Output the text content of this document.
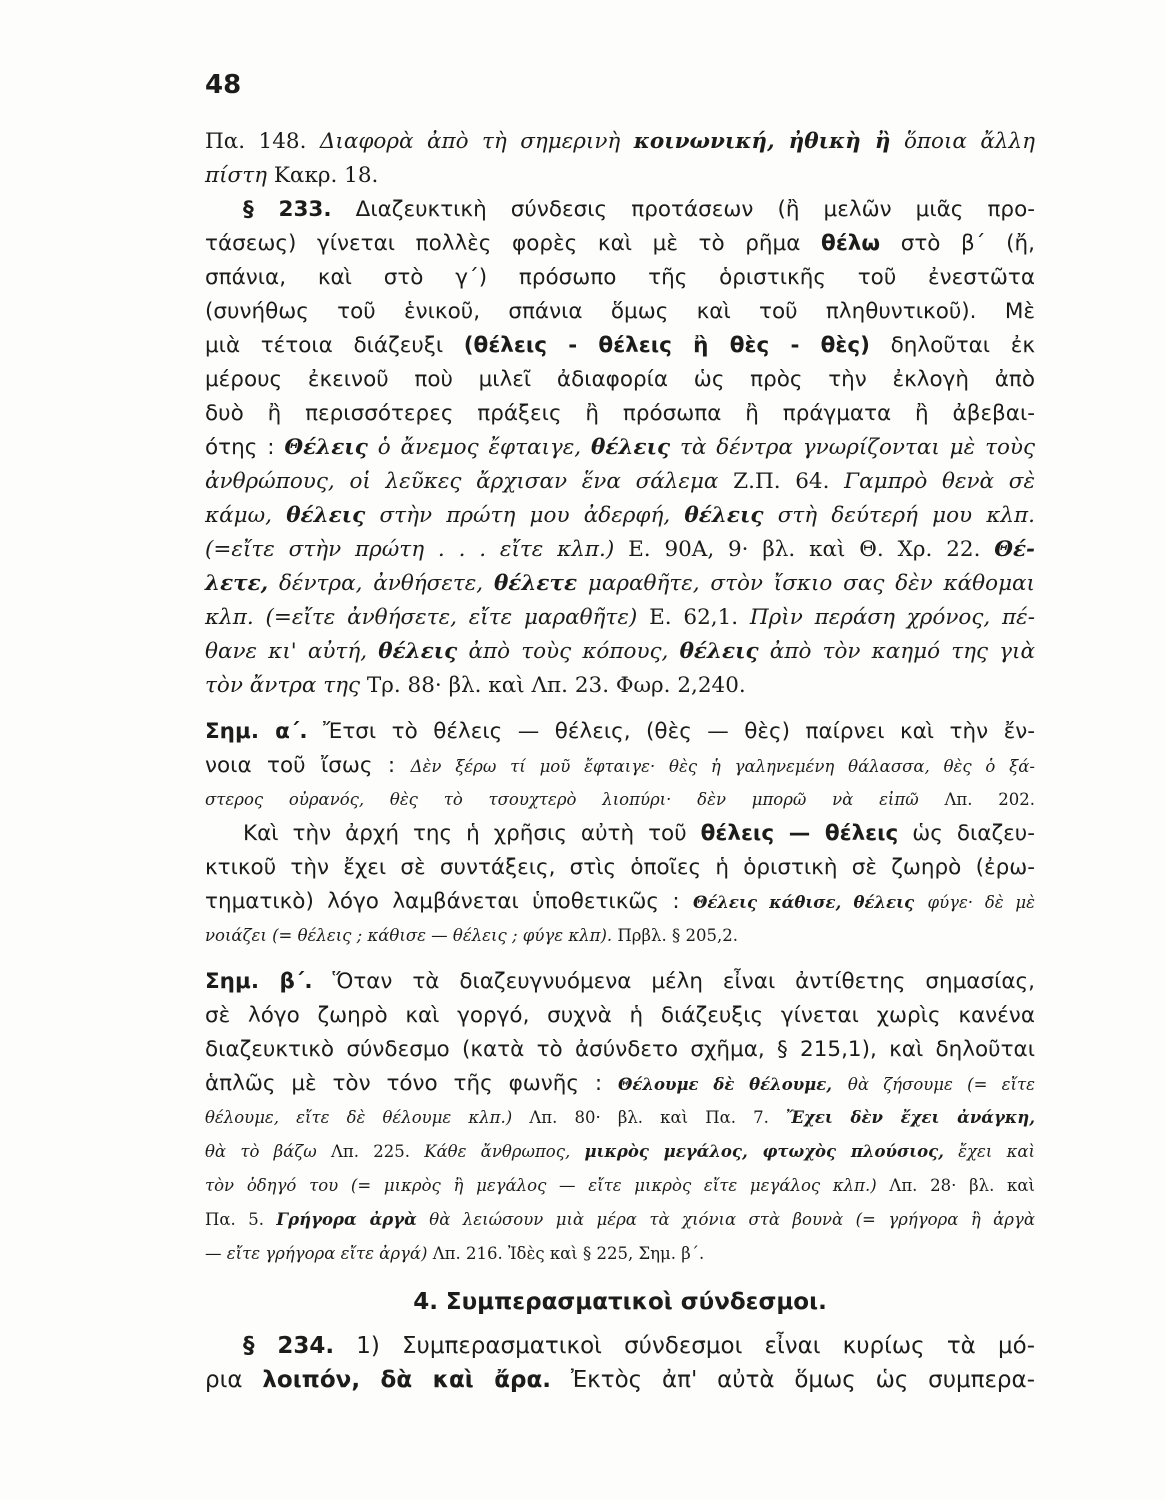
48
Πα. 148. Διαφορὰ ἀπὸ τὴ σημερινὴ κοινωνική, ἠθικὴ ἢ ὅποια ἄλλη
πίστη Κακρ. 18.
§ 233. Διαζευκτικὴ σύνδεσις προτάσεων (ἢ μελῶν μιᾶς προ-
τάσεως) γίνεται πολλὲς φορὲς καὶ μὲ τὸ ρῆμα θέλω στὸ β΄ (ἤ,
σπάνια, καὶ στὸ γ΄) πρόσωπο τῆς ὁριστικῆς τοῦ ἐνεστῶτα
(συνήθως τοῦ ἑνικοῦ, σπάνια ὅμως καὶ τοῦ πληθυντικοῦ). Μὲ
μιὰ τέτοια διάζευξι (θέλεις - θέλεις ἢ θὲς - θὲς) δηλοῦται ἐκ
μέρους ἐκεινοῦ ποὺ μιλεῖ ἀδιαφορία ὡς πρὸς τὴν ἐκλογὴ ἀπὸ
δυὸ ἢ περισσότερες πράξεις ἢ πρόσωπα ἢ πράγματα ἢ ἀβεβαι-
ότης : Θέλεις ὁ ἄνεμος ἔφταιγε, θέλεις τὰ δέντρα γνωρίζονται μὲ τοὺς
ἀνθρώπους, οἱ λεῦκες ἄρχισαν ἕνα σάλεμα Ζ.Π. 64. Γαμπρὸ θενὰ σὲ
κάμω, θέλεις στὴν πρώτη μου ἀδερφή, θέλεις στὴ δεύτερή μου κλπ.
(=εἴτε στὴν πρώτη . . . εἴτε κλπ.) Ε. 90Α, 9· βλ. καὶ Θ. Χρ. 22. Θέ-
λετε, δέντρα, ἀνθήσετε, θέλετε μαραθῆτε, στὸν ἴσκιο σας δὲν κάθομαι
κλπ. (=εἴτε ἀνθήσετε, εἴτε μαραθῆτε) Ε. 62,1. Πρὶν περάση χρόνος, πέ-
θανε κι' αὐτή, θέλεις ἀπὸ τοὺς κόπους, θέλεις ἀπὸ τὸν καημό της γιὰ
τὸν ἄντρα της Τρ. 88· βλ. καὶ Λπ. 23. Φωρ. 2,240.
Σημ. α΄. Ἔτσι τὸ θέλεις — θέλεις, (θὲς — θὲς) παίρνει καὶ τὴν ἔν-
νοια τοῦ ἴσως : Δὲν ξέρω τί μοῦ ἔφταιγε· θὲς ἡ γαληνεμένη θάλασσα, θὲς ὁ ξά-
στερος οὐρανός, θὲς τὸ τσουχτερὸ λιοπύρι· δὲν μπορῶ νὰ εἰπῶ Λπ. 202.
Καὶ τὴν ἀρχή της ἡ χρῆσις αὐτὴ τοῦ θέλεις — θέλεις ὡς διαζευ-
κτικοῦ τὴν ἔχει σὲ συντάξεις, στὶς ὁποῖες ἡ ὁριστικὴ σὲ ζωηρὸ (ἐρω-
τηματικὸ) λόγο λαμβάνεται ὑποθετικῶς : Θέλεις κάθισε, θέλεις φύγε· δὲ μὲ
νοιάζει (= θέλεις ; κάθισε — θέλεις ; φύγε κλπ). Πρβλ. § 205,2.
Σημ. β΄. Ὅταν τὰ διαζευγνυόμενα μέλη εἶναι ἀντίθετης σημασίας,
σὲ λόγο ζωηρὸ καὶ γοργό, συχνὰ ἡ διάζευξις γίνεται χωρὶς κανένα
διαζευκτικὸ σύνδεσμο (κατὰ τὸ ἀσύνδετο σχῆμα, § 215,1), καὶ δηλοῦται
ἁπλῶς μὲ τὸν τόνο τῆς φωνῆς : Θέλουμε δὲ θέλουμε, θὰ ζήσουμε (= εἴτε
θέλουμε, εἴτε δὲ θέλουμε κλπ.) Λπ. 80· βλ. καὶ Πα. 7. Ἔχει δὲν ἔχει ἀνάγκη,
θὰ τὸ βάζω Λπ. 225. Κάθε ἄνθρωπος, μικρὸς μεγάλος, φτωχὸς πλούσιος, ἔχει καὶ
τὸν ὁδηγό του (= μικρὸς ἢ μεγάλος — εἴτε μικρὸς εἴτε μεγάλος κλπ.) Λπ. 28· βλ. καὶ
Πα. 5. Γρήγορα ἀργὰ θὰ λειώσουν μιὰ μέρα τὰ χιόνια στὰ βουνὰ (= γρήγορα ἢ ἀργὰ
— εἴτε γρήγορα εἴτε ἀργά) Λπ. 216. Ἰδὲς καὶ § 225, Σημ. β΄.
4. Συμπερασματικοὶ σύνδεσμοι.
§ 234. 1) Συμπερασματικοὶ σύνδεσμοι εἶναι κυρίως τὰ μό-
ρια λοιπόν, δὰ καὶ ἄρα. Ἐκτὸς ἀπ' αὐτὰ ὅμως ὡς συμπερα-
